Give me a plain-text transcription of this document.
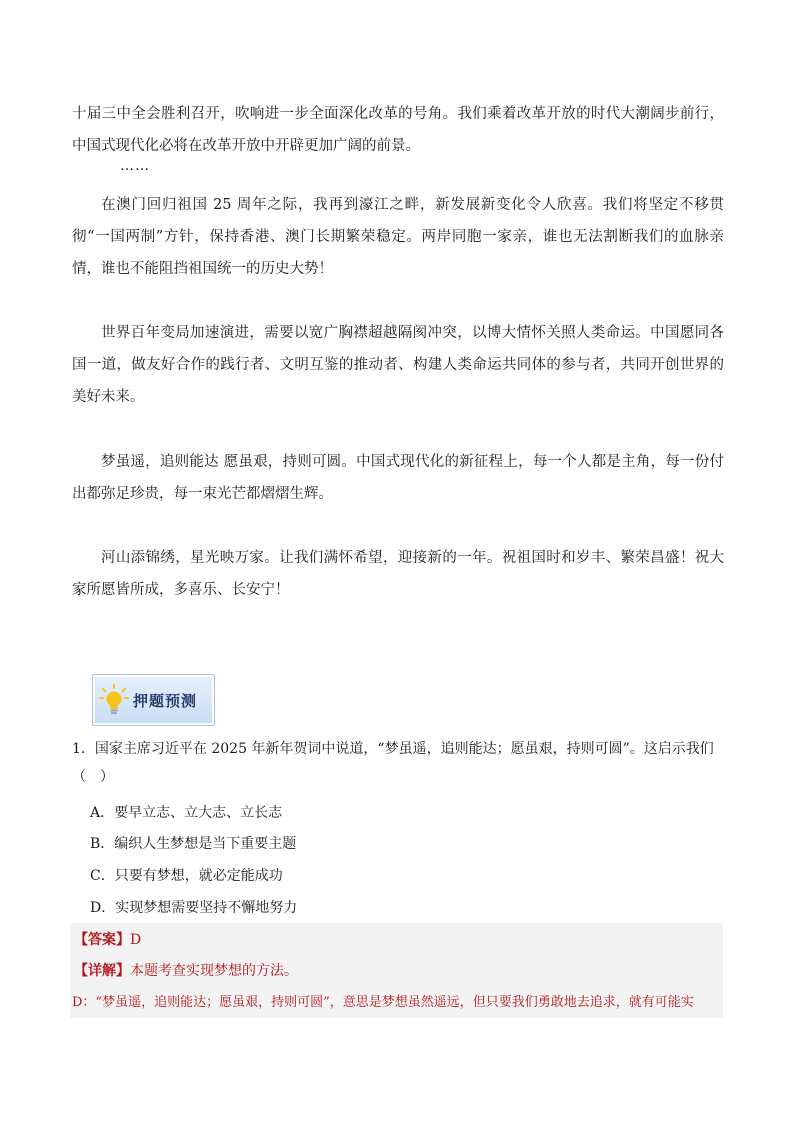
十届三中全会胜利召开，吹响进一步全面深化改革的号角。我们乘着改革开放的时代大潮阔步前行，中国式现代化必将在改革开放中开辟更加广阔的前景。

……

在澳门回归祖国 25 周年之际，我再到濠江之畔，新发展新变化令人欣喜。我们将坚定不移贯彻“一国两制”方针，保持香港、澳门长期繁荣稳定。两岸同胞一家亲，谁也无法割断我们的血脉亲情，谁也不能阻挡祖国统一的历史大势！

世界百年变局加速演进，需要以宽广胸襟超越隔阂冲突，以博大情怀关照人类命运。中国愿同各国一道，做友好合作的践行者、文明互鉴的推动者、构建人类命运共同体的参与者，共同开创世界的美好未来。

梦虽遥，追则能达 愿虽艰，持则可圆。中国式现代化的新征程上，每一个人都是主角，每一份付出都弥足珍贵，每一束光芒都熠熠生辉。

河山添锦绣，星光映万家。让我们满怀希望，迎接新的一年。祝祖国时和岁丰、繁荣昌盛！祝大家所愿皆所成，多喜乐、长安宁！

押题预测

1．国家主席习近平在 2025 年新年贺词中说道，“梦虽遥，追则能达；愿虽艰，持则可圆”。这启示我们（　）

A．要早立志、立大志、立长志
B．编织人生梦想是当下重要主题
C．只要有梦想，就必定能成功
D．实现梦想需要坚持不懈地努力
【答案】D
【详解】本题考查实现梦想的方法。
D：“梦虽遥，追则能达；愿虽艰，持则可圆”，意思是梦想虽然遥远，但只要我们勇敢地去追求，就有可能实
